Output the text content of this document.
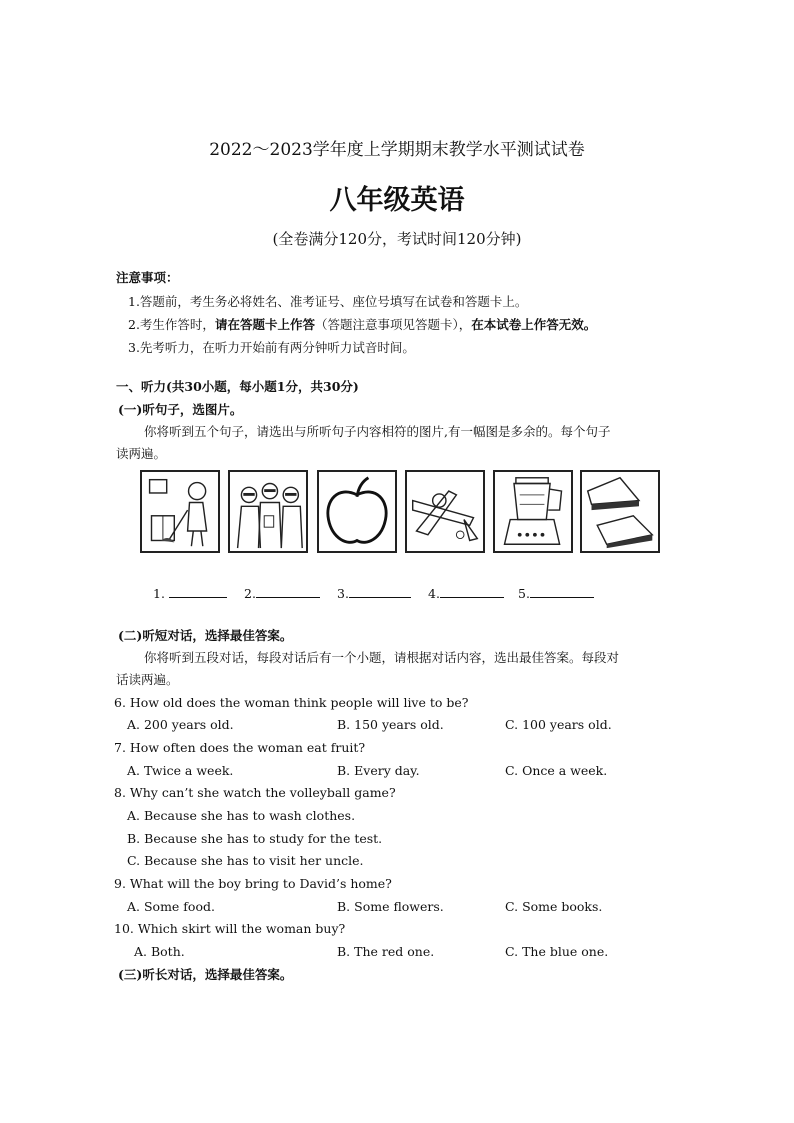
2022～2023学年度上学期期末教学水平测试试卷
八年级英语
(全卷满分120分，考试时间120分钟)
注意事项：
1.答题前，考生务必将姓名、准考证号、座位号填写在试卷和答题卡上。
2.考生作答时，请在答题卡上作答（答题注意事项见答题卡），在本试卷上作答无效。
3.先考听力，在听力开始前有两分钟听力试音时间。
一、听力(共30小题，每小题1分，共30分)
(一)听句子，选图片。
你将听到五个句子，请选出与所听句子内容相符的图片,有一幅图是多余的。每个句子
读两遍。
1.	2.	3.	4.	5.
(二)听短对话，选择最佳答案。
你将听到五段对话，每段对话后有一个小题，请根据对话内容，选出最佳答案。每段对
话读两遍。
6. How old does the woman think people will live to be?
A. 200 years old.	B. 150 years old.	C. 100 years old.
7. How often does the woman eat fruit?
A. Twice a week.	B. Every day.	C. Once a week.
8. Why can’t she watch the volleyball game?
A. Because she has to wash clothes.
B. Because she has to study for the test.
C. Because she has to visit her uncle.
9. What will the boy bring to David’s home?
A. Some food.	B. Some flowers.	C. Some books.
10. Which skirt will the woman buy?
A. Both.	B. The red one.	C. The blue one.
(三)听长对话，选择最佳答案。
